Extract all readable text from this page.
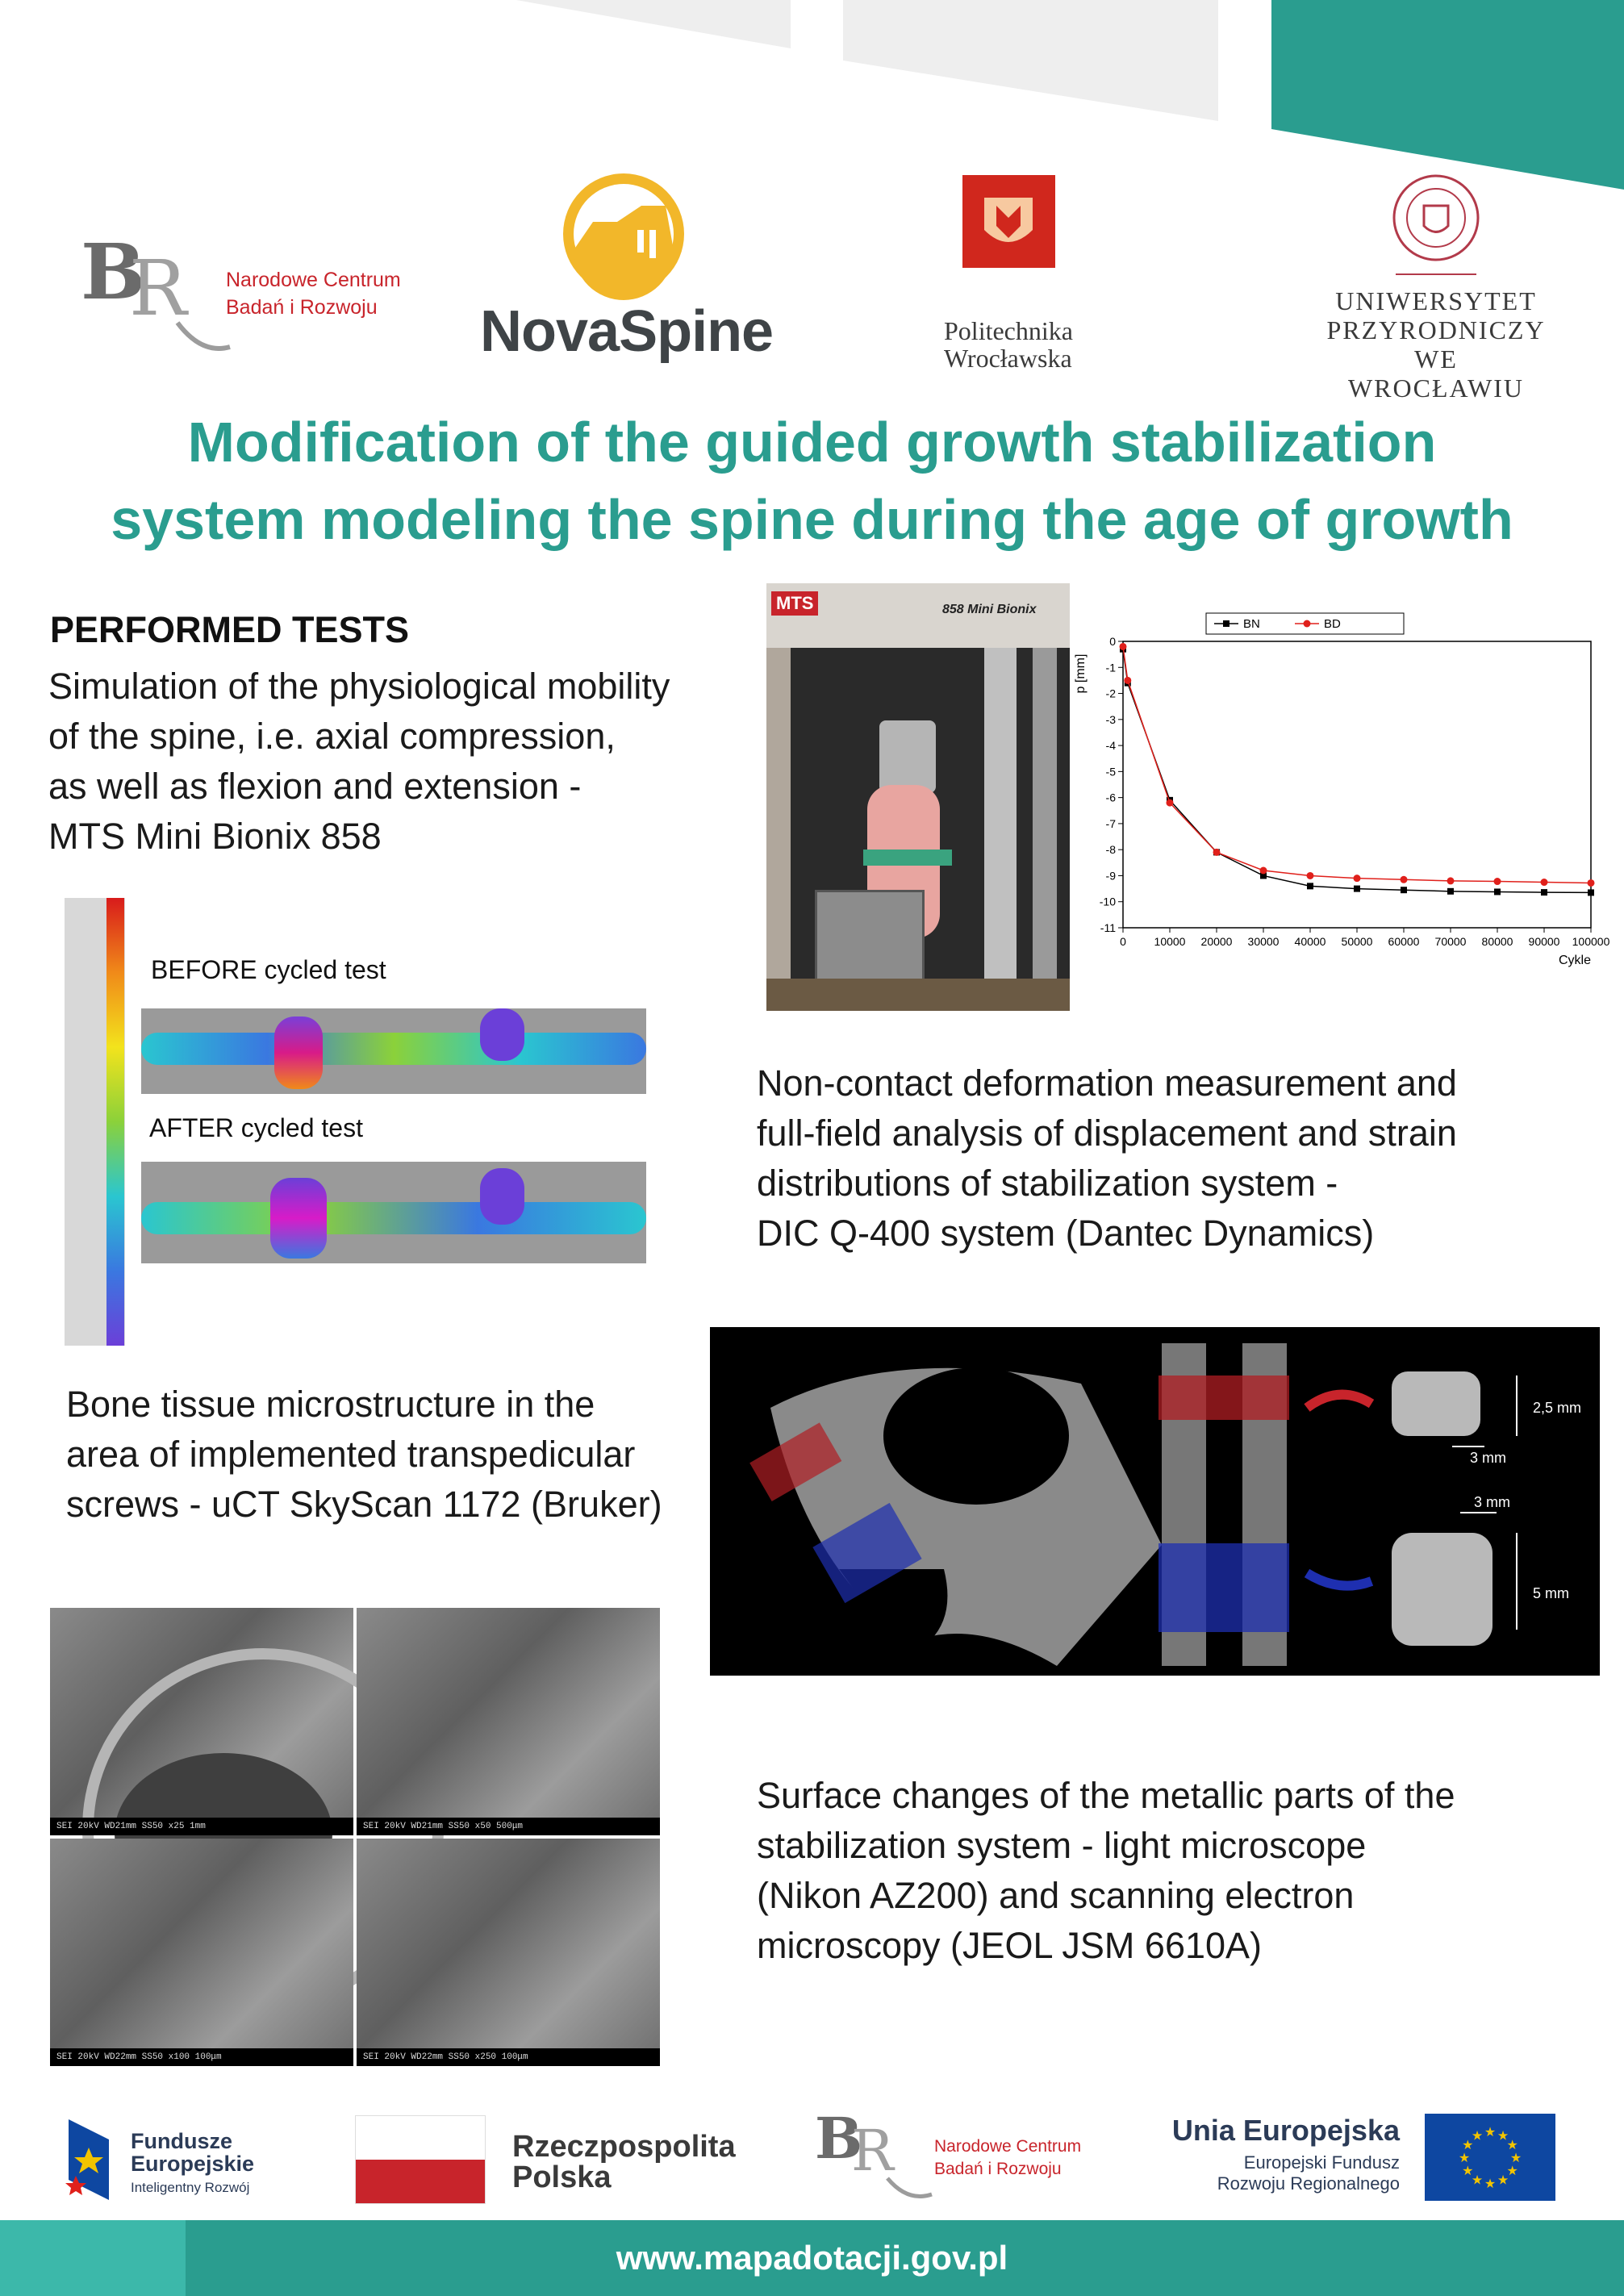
B
R Narodowe Centrum
Badań i Rozwoju	NovaSpine	Politechnika
Wrocławska
UNIWERSYTET
PRZYRODNICZY
WE WROCŁAWIU
Modification of the guided growth stabilization
system modeling the spine during the age of growth
PERFORMED TESTS
Simulation of the physiological mobility
of the spine, i.e. axial compression,
as well as flexion and extension -
MTS Mini Bionix 858
MTS	858 Mini Bionix
0
-1
-2
-3
-4
-5
-6
-7
-8
-9
-10
-11
0 10000 20000 30000 40000 50000 60000 70000 80000 90000 100000
Cykle
p [mm]
BN	BD
BEFORE cycled test
AFTER cycled test
Non-contact deformation measurement and
full-field analysis of displacement and strain
distributions of stabilization system -
DIC Q-400 system (Dantec Dynamics)
Bone tissue microstructure in the
area of implemented transpedicular
screws - uCT SkyScan 1172 (Bruker)
2,5 mm
3 mm
3 mm
5 mm
SEI 20kV WD21mm SS50 x25 1mm	SEI 20kV WD21mm SS50 x50 500μm
SEI 20kV WD22mm SS50 x100 100μm	SEI 20kV WD22mm SS50 x250 100μm
Surface changes of the metallic parts of the
stabilization system - light microscope
(Nikon AZ200) and scanning electron
microscopy (JEOL JSM 6610A)
Fundusze
Europejskie
Inteligentny Rozwój
Rzeczpospolita
Polska
B
R Narodowe Centrum
Badań i Rozwoju
Unia Europejska
Europejski Fundusz
Rozwoju Regionalnego
★
★
★
★
★
★
★
★
★ ★ ★
★
www.mapadotacji.gov.pl
